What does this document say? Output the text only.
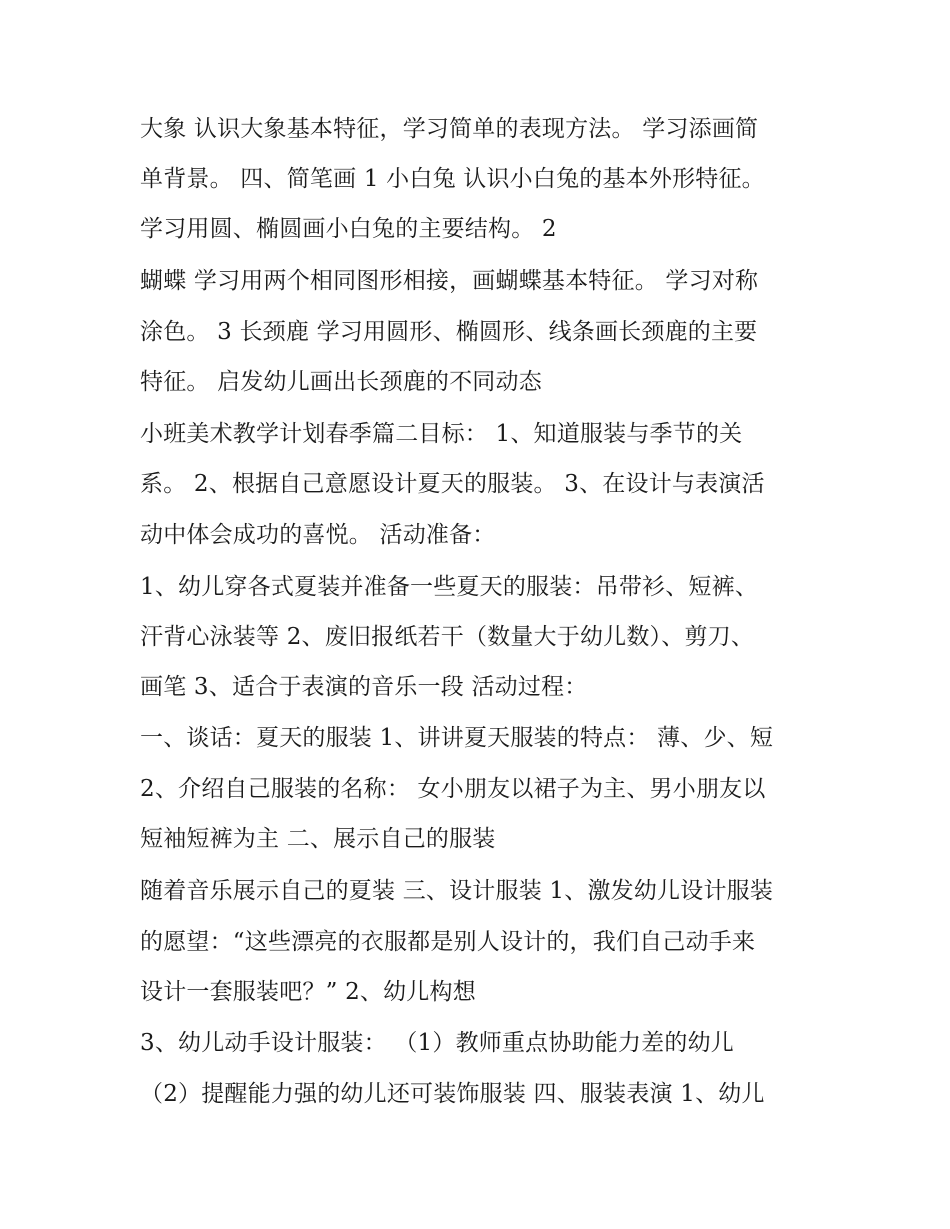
大象 认识大象基本特征，学习简单的表现方法。 学习添画简
单背景。 四、简笔画 1 小白兔 认识小白兔的基本外形特征。
学习用圆、椭圆画小白兔的主要结构。 2
蝴蝶 学习用两个相同图形相接，画蝴蝶基本特征。 学习对称
涂色。 3 长颈鹿 学习用圆形、椭圆形、线条画长颈鹿的主要
特征。 启发幼儿画出长颈鹿的不同动态
小班美术教学计划春季篇二目标： 1、知道服装与季节的关
系。 2、根据自己意愿设计夏天的服装。 3、在设计与表演活
动中体会成功的喜悦。 活动准备：
1、幼儿穿各式夏装并准备一些夏天的服装：吊带衫、短裤、
汗背心泳装等 2、废旧报纸若干（数量大于幼儿数）、剪刀、
画笔 3、适合于表演的音乐一段 活动过程：
一、谈话：夏天的服装 1、讲讲夏天服装的特点： 薄、少、短
2、介绍自己服装的名称： 女小朋友以裙子为主、男小朋友以
短袖短裤为主 二、展示自己的服装
随着音乐展示自己的夏装 三、设计服装 1、激发幼儿设计服装
的愿望：“这些漂亮的衣服都是别人设计的，我们自己动手来
设计一套服装吧？” 2、幼儿构想
3、幼儿动手设计服装： （1）教师重点协助能力差的幼儿
（2）提醒能力强的幼儿还可装饰服装 四、服装表演 1、幼儿
